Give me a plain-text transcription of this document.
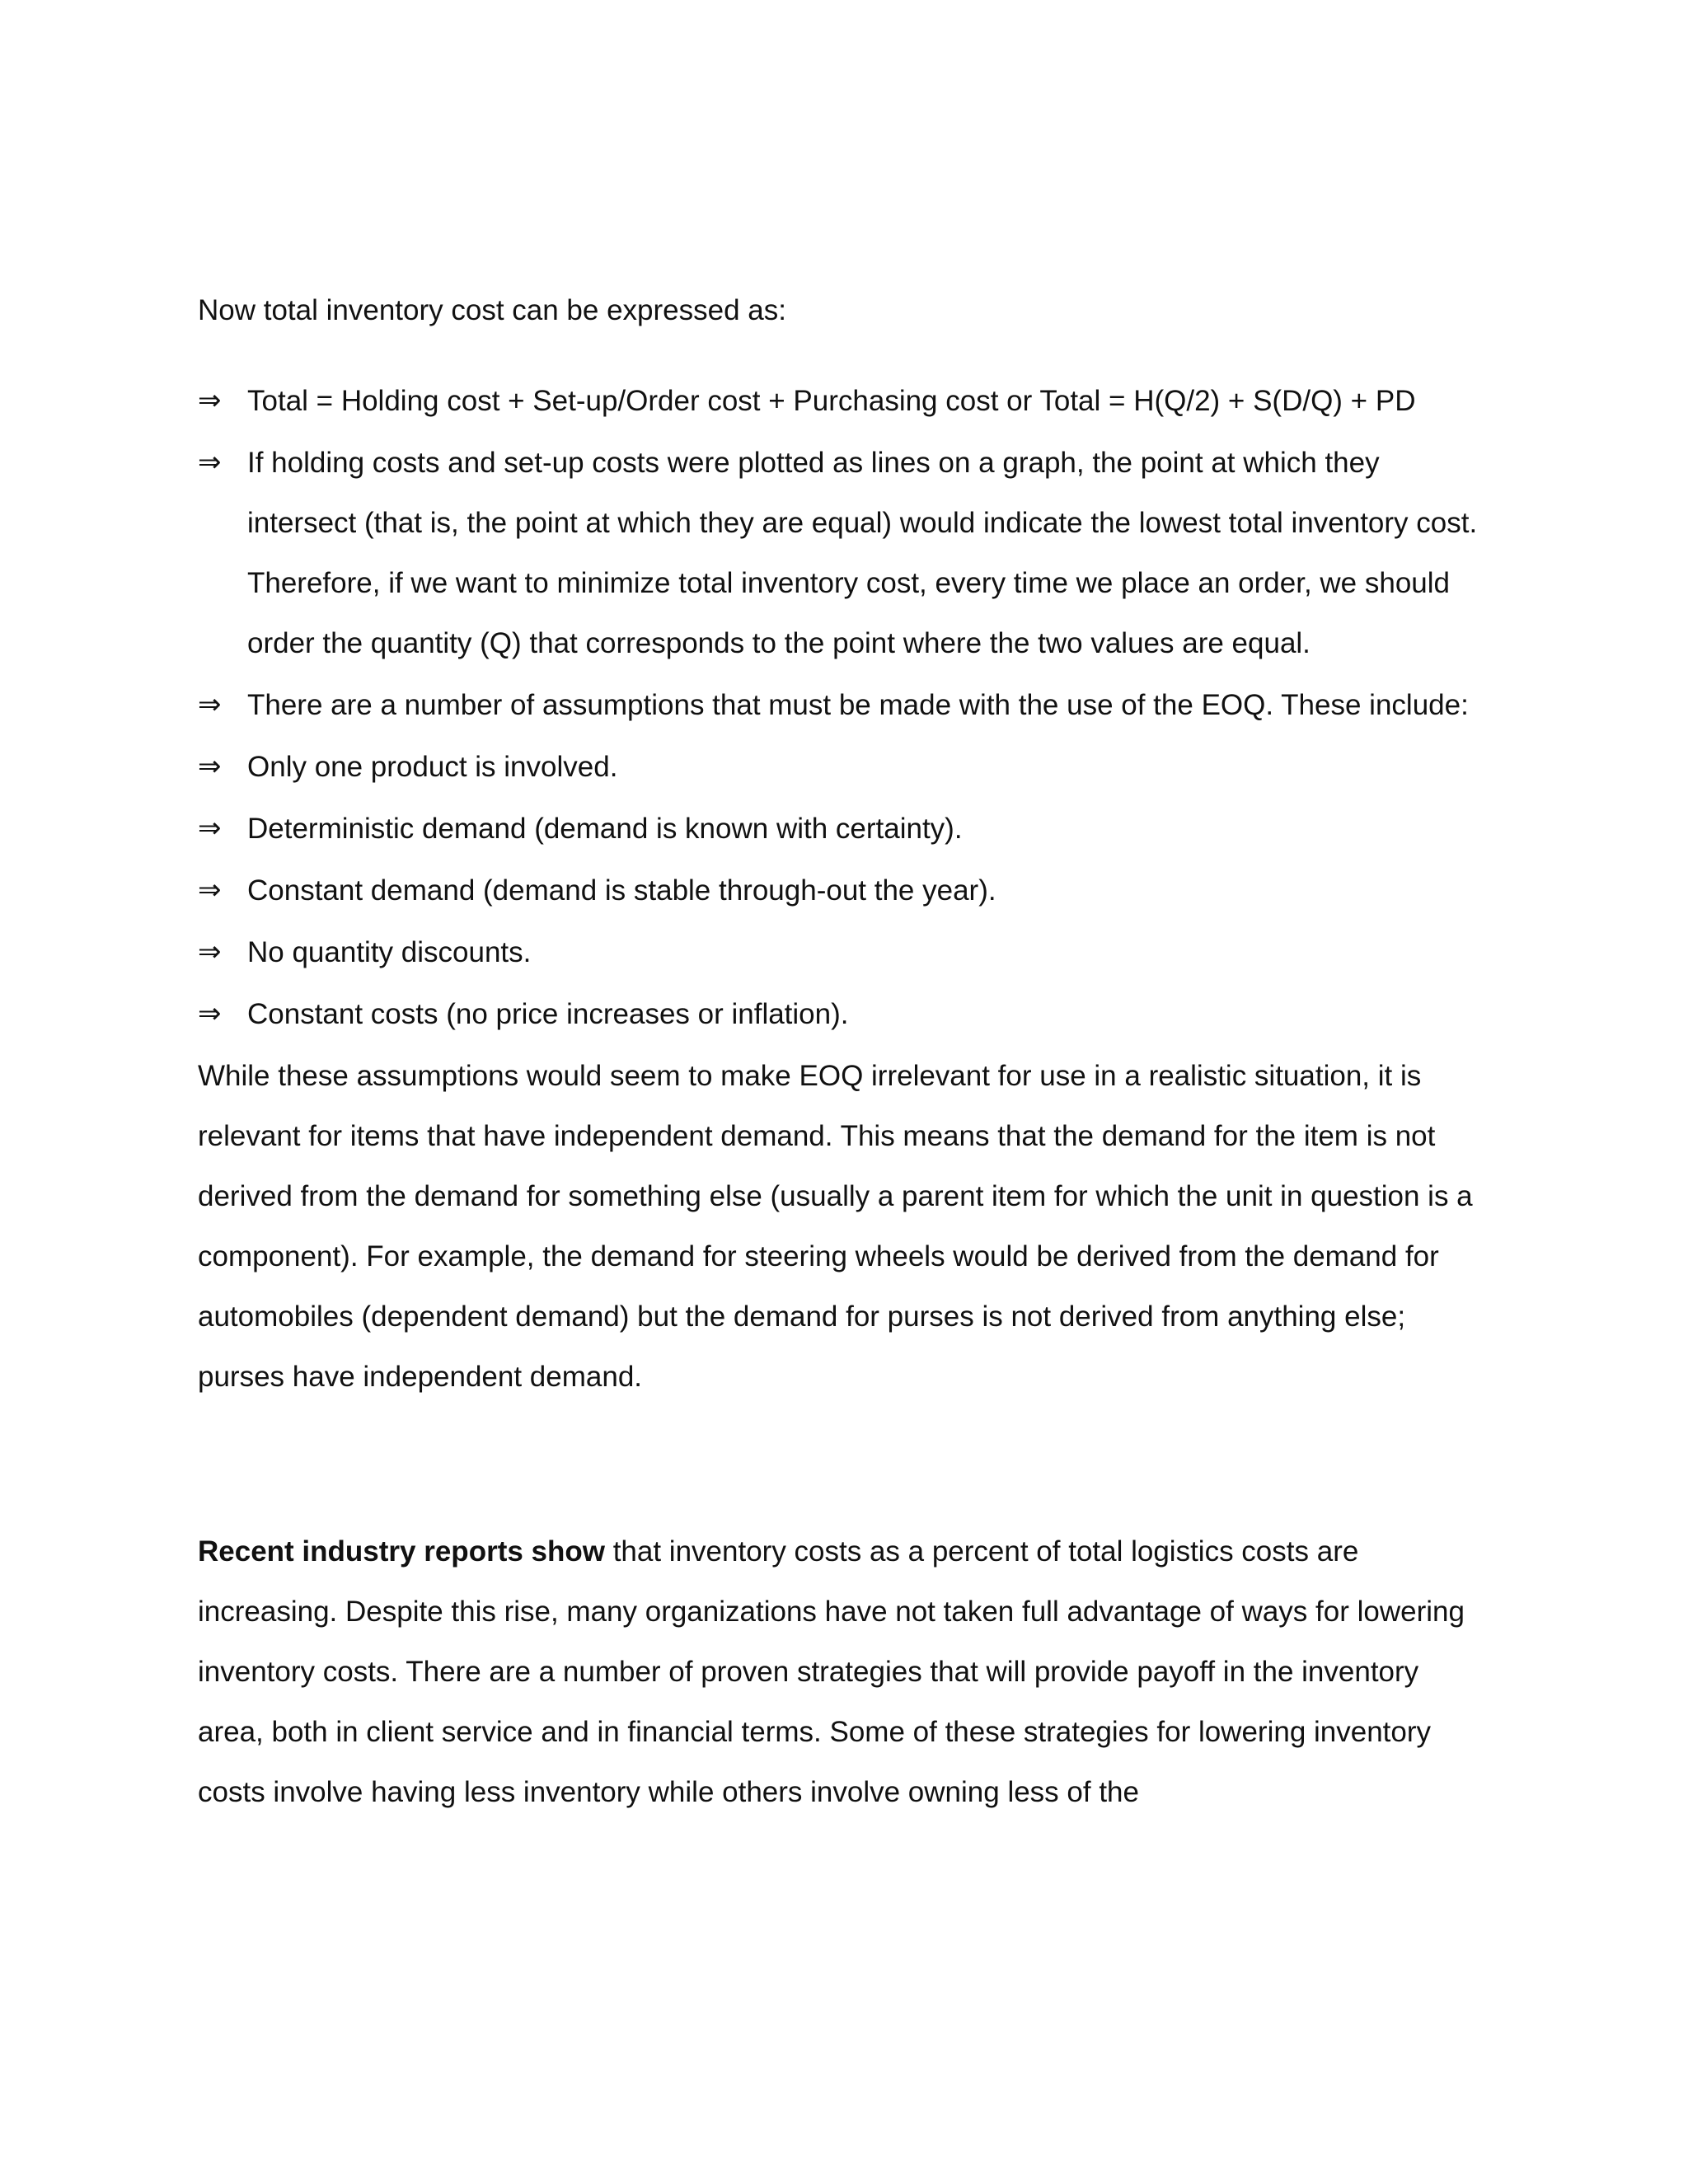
Now total inventory cost can be expressed as:

⇒ Total = Holding cost + Set-up/Order cost + Purchasing cost or Total = H(Q/2) + S(D/Q) + PD
⇒ If holding costs and set-up costs were plotted as lines on a graph, the point at which they intersect (that is, the point at which they are equal) would indicate the lowest total inventory cost. Therefore, if we want to minimize total inventory cost, every time we place an order, we should order the quantity (Q) that corresponds to the point where the two values are equal.
⇒ There are a number of assumptions that must be made with the use of the EOQ. These include:
⇒ Only one product is involved.
⇒ Deterministic demand (demand is known with certainty).
⇒ Constant demand (demand is stable through-out the year).
⇒ No quantity discounts.
⇒ Constant costs (no price increases or inflation).

While these assumptions would seem to make EOQ irrelevant for use in a realistic situation, it is relevant for items that have independent demand. This means that the demand for the item is not derived from the demand for something else (usually a parent item for which the unit in question is a component). For example, the demand for steering wheels would be derived from the demand for automobiles (dependent demand) but the demand for purses is not derived from anything else; purses have independent demand.

Recent industry reports show that inventory costs as a percent of total logistics costs are increasing. Despite this rise, many organizations have not taken full advantage of ways for lowering inventory costs. There are a number of proven strategies that will provide payoff in the inventory area, both in client service and in financial terms. Some of these strategies for lowering inventory costs involve having less inventory while others involve owning less of the
